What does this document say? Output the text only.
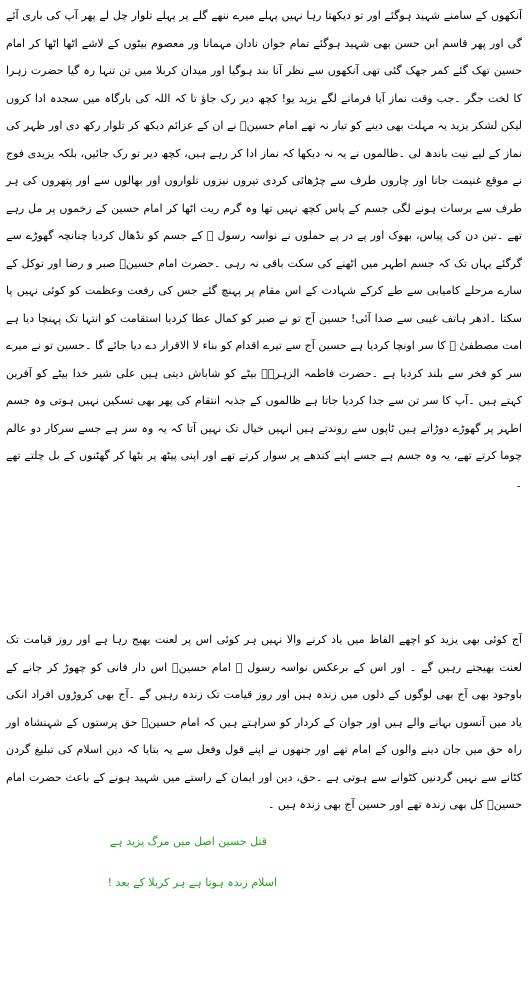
آنکھوں کے سامنے شہید ہوگئے اور تو دیکھتا رہا نہیں پہلے میرے ننھے گلے پر پہلے تلوار چل لے پھر آپ کی باری آئے گی اور پھر قاسم ابن حسن بھی شہید ہوگئے تمام جوان نادان مہمانا ور معصوم بیٹوں کے لاشے اٹھا اٹھا کر امام حسین تھک گئے کمر جھک گئی تھی آنکھوں سے نظر آنا بند ہوگیا اور میدان کربلا میں تن تنہا رہ گیا حضرت زہرا کا لخت جگر ۔جب وقت نماز آیا فرمانے لگے یزید یو! کچھ دیر رک جاؤ تا کہ اللہ کی بارگاہ میں سجدہ ادا کروں لیکن لشکر یزید یہ مہلت بھی دینے کو تیار نہ تھے امام حسینؑ نے ان کے عزائم دیکھ کر تلوار رکھ دی اور ظہر کی نماز کے لیے نیت باندھ لی ۔ظالموں نے یہ نہ دیکھا کہ نماز ادا کر رہے ہیں، کچھ دیر تو رک جائیں، بلکہ یزیدی فوج نے موقع غنیمت جانا اور چاروں طرف سے چڑھائی کردی تیروں نیزوں تلواروں اور بھالوں سے اور پتھروں کی ہر طرف سے برسات ہونے لگی جسم کے پاس کچھ نہیں تھا وہ گرم ریت اٹھا کر امام حسین کے زخموں پر مل رہے تھے ۔تین دن کی پیاس، بھوک اور پے در پے حملوں نے نواسہ رسول ﷺ کے جسم کو نڈھال کردیا چنانچہ گھوڑے سے گرگئے یہاں تک کہ جسم اطہر میں اٹھنے کی سکت باقی نہ رہی ۔حضرت امام حسینؑ صبر و رضا اور توکل کے سارے مرحلے کامیابی سے طے کرکے شہادت کے اس مقام پر پہنچ گئے جس کی رفعت وعظمت کو کوئی نہیں پا سکتا ۔ادھر ہاتف غیبی سے صدا آئی! حسین آج تو نے صبر کو کمال عطا کردیا استقامت کو انتہا تک پہنچا دیا ہے امت مصطفیٰ ﷺ کا سر اونچا کردیا ہے حسین آج سے تیرے اقدام کو بناء لا الاقرار دے دیا جائے گا ۔حسین تو نے میرے سر کو فخر سے بلند کردیا ہے ۔حضرت فاطمہ الزہرہؑ بیٹے کو شاباش دیتی ہیں علی شیر خدا بیٹے کو آفرین کہتے ہیں ۔آپ کا سر تن سے جدا کردیا جاتا ہے ظالموں کے جذبہ انتقام کی پھر بھی تسکین نہیں ہوتی وہ جسم اطہر پر گھوڑے دوڑاتے ہیں ٹاپوں سے روندتے ہیں انہیں خیال تک نہیں آتا کہ یہ وہ سر ہے جسے سرکار دو عالم چوما کرتے تھے، یہ وہ جسم ہے جسے اپنے کندھے پر سوار کرتے تھے اور اپنی پیٹھ پر بٹھا کر گھٹنوں کے بل چلتے تھے ۔

آج کوئی بھی یزید کو اچھے الفاظ میں یاد کرنے والا نہیں ہر کوئی اس پر لعنت بھیج رہا ہے اور روز قیامت تک لعنت بھیجتے رہیں گے ۔ اور اس کے برعکس نواسہ رسول ﷺ امام حسینؑ اس دار فانی کو چھوڑ کر جانے کے باوجود بھی آج بھی لوگوں کے دلوں میں زندہ ہیں اور روز قیامت تک زندہ رہیں گے ۔آج بھی کروڑوں افراد انکی یاد میں آنسوں بہانے والے ہیں اور جوان کے کردار کو سراہتے ہیں کہ امام حسینؑ حق پرستوں کے شہنشاہ اور راہ حق میں جان دینے والوں کے امام تھے اور جنھوں نے اپنے قول وفعل سے یہ بتایا کہ دین اسلام کی تبلیغ گردن کٹانے سے نہیں گردنیں کٹوانے سے ہوتی ہے ۔حق، دین اور ایمان کے راستے میں شہید ہونے کے باعث حضرت امام حسینؑ کل بھی زندہ تھے اور حسین آج بھی زندہ ہیں ۔

قتل حسین اصل میں مرگ یزید ہے
اسلام زندہ ہوتا ہے ہر کربلا کے بعد !
